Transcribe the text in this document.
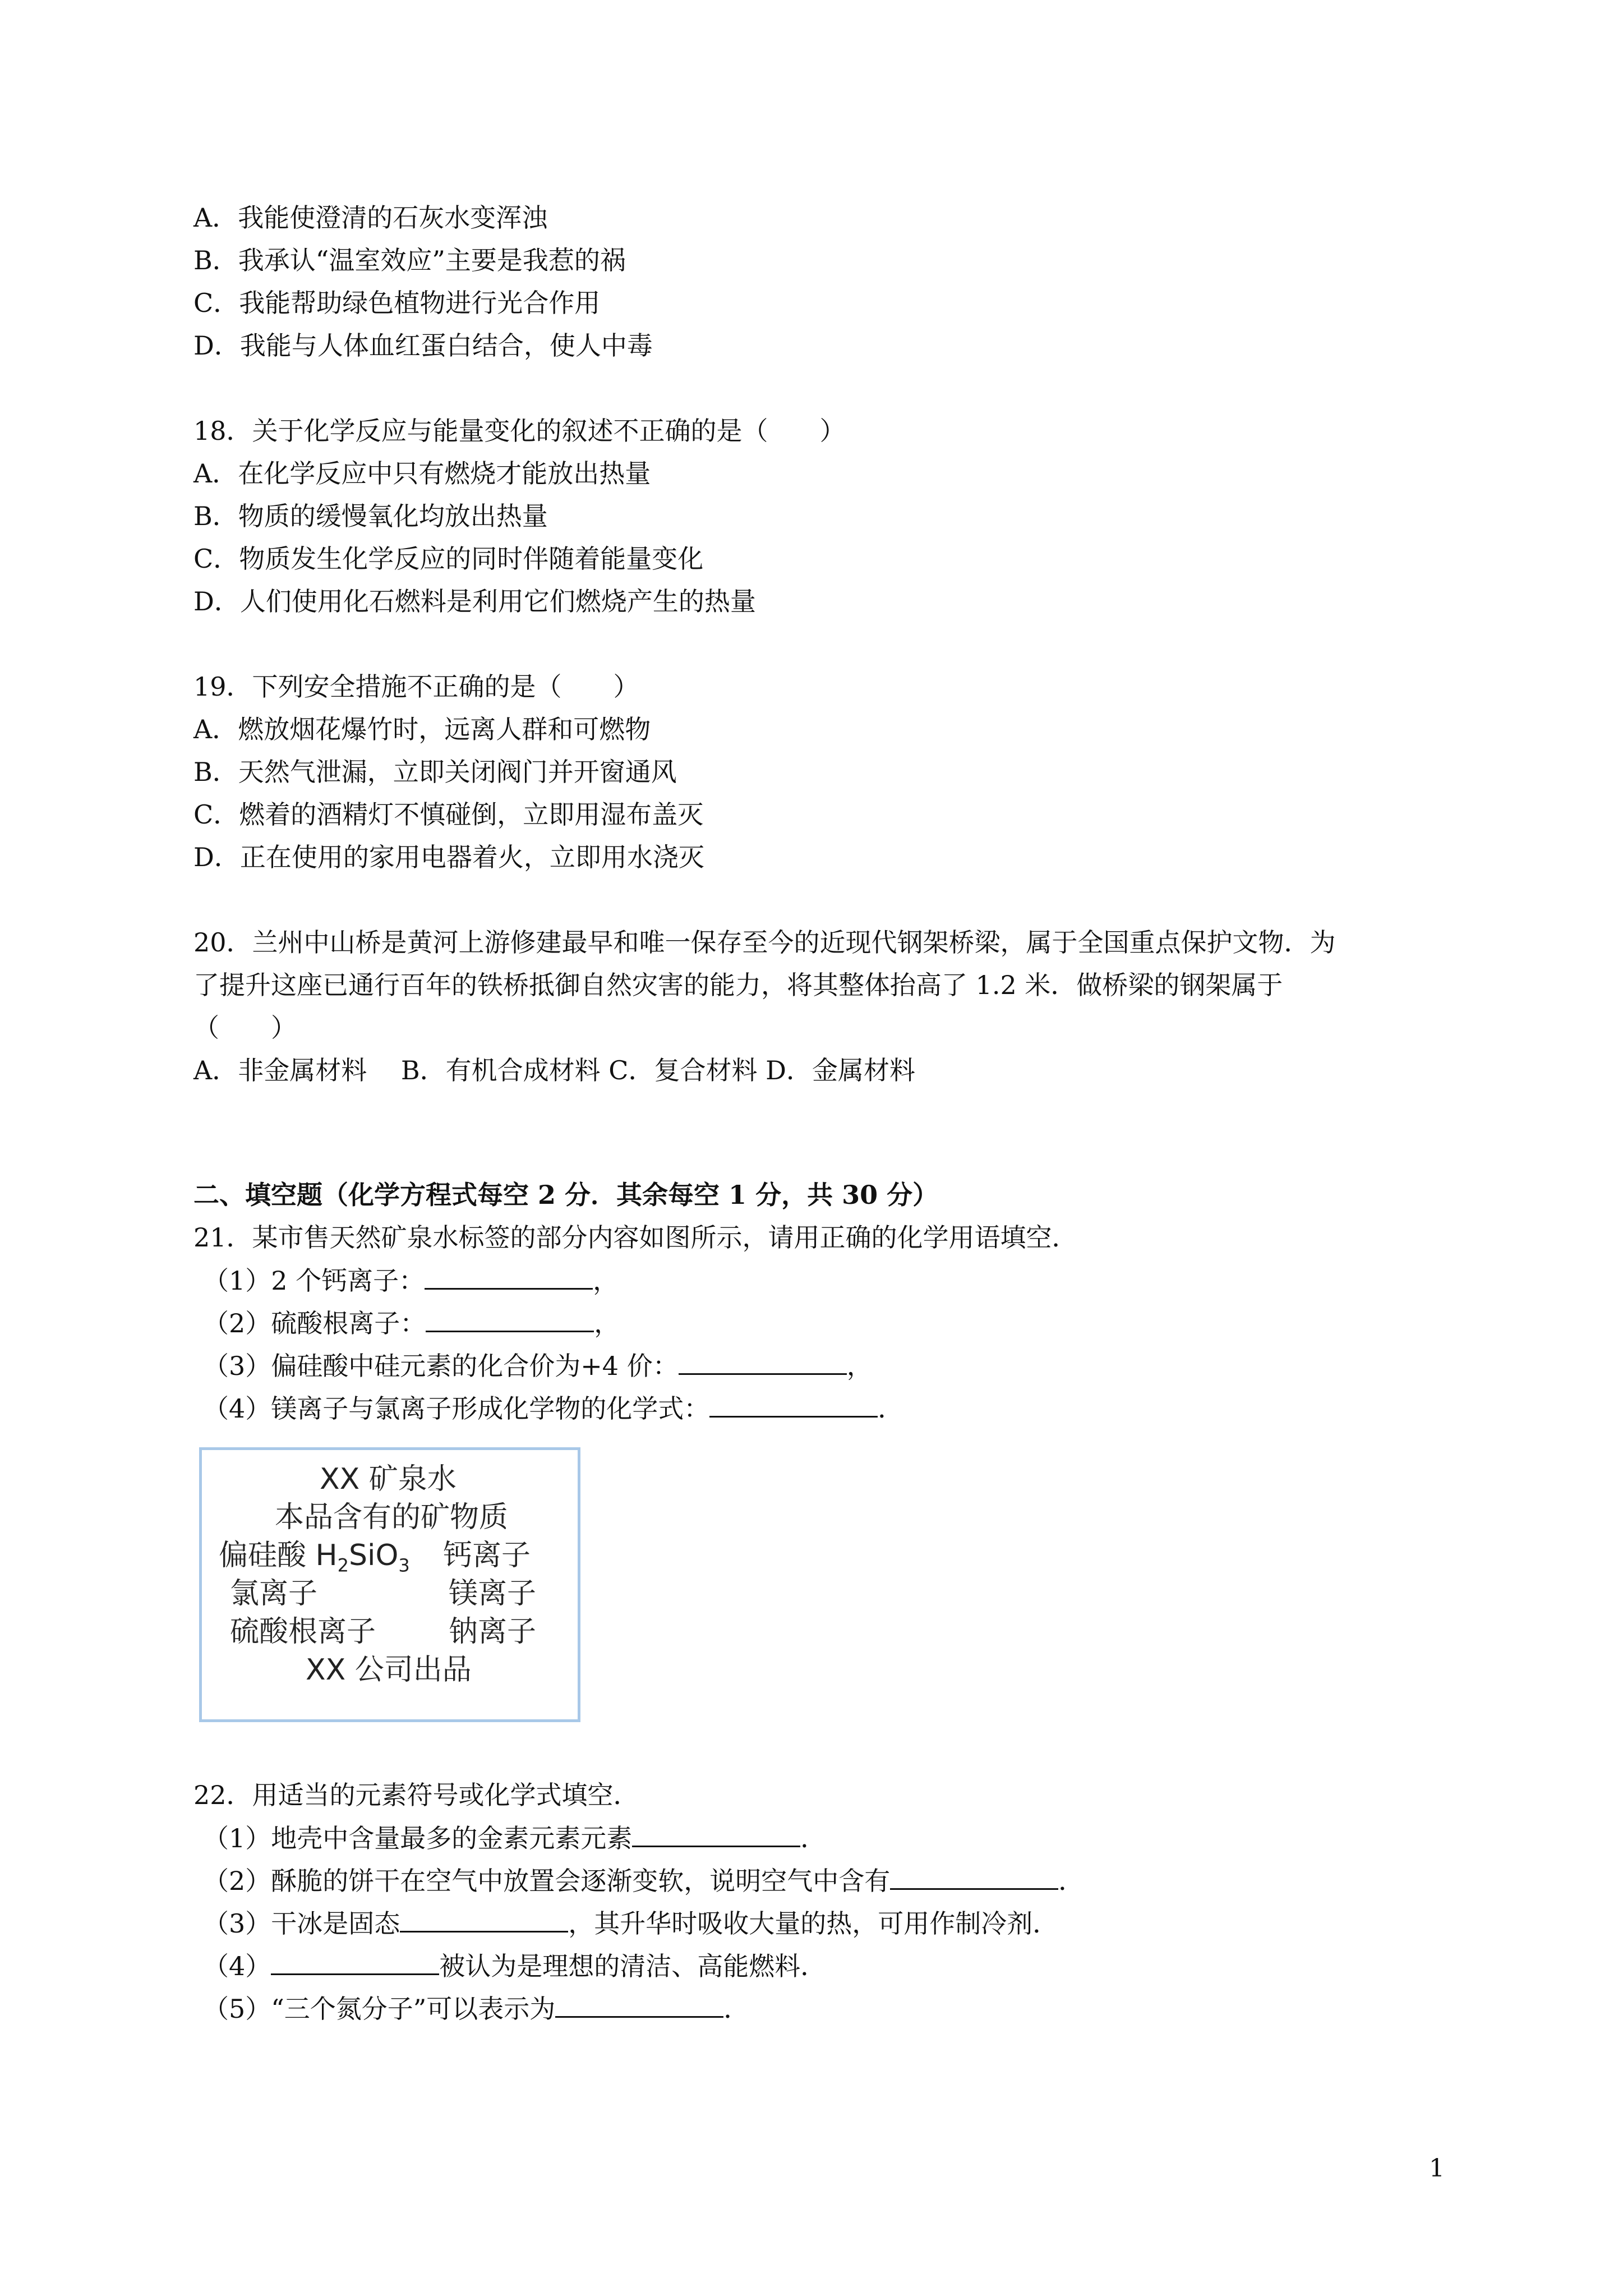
A．我能使澄清的石灰水变浑浊
B．我承认“温室效应”主要是我惹的祸
C．我能帮助绿色植物进行光合作用
D．我能与人体血红蛋白结合，使人中毒
18．关于化学反应与能量变化的叙述不正确的是（　　）
A．在化学反应中只有燃烧才能放出热量
B．物质的缓慢氧化均放出热量
C．物质发生化学反应的同时伴随着能量变化
D．人们使用化石燃料是利用它们燃烧产生的热量
19．下列安全措施不正确的是（　　）
A．燃放烟花爆竹时，远离人群和可燃物
B．天然气泄漏，立即关闭阀门并开窗通风
C．燃着的酒精灯不慎碰倒，立即用湿布盖灭
D．正在使用的家用电器着火，立即用水浇灭
20．兰州中山桥是黄河上游修建最早和唯一保存至今的近现代钢架桥梁，属于全国重点保护文物．为
了提升这座已通行百年的铁桥抵御自然灾害的能力，将其整体抬高了 1.2 米．做桥梁的钢架属于
（　　）
A．非金属材料　 B．有机合成材料 C．复合材料 D．金属材料
二、填空题（化学方程式每空 2 分．其余每空 1 分，共 30 分）
21．某市售天然矿泉水标签的部分内容如图所示，请用正确的化学用语填空．
（1）2 个钙离子：	，
（2）硫酸根离子：	，
（3）偏硅酸中硅元素的化合价为+4 价：	，
（4）镁离子与氯离子形成化学物的化学式：	．
XX 矿泉水
本品含有的矿物质
偏硅酸 $H_2SiO_3$ 钙离子
氯离子	镁离子
硫酸根离子 钠离子
XX 公司出品
22．用适当的元素符号或化学式填空．
（1）地壳中含量最多的金素元素元素	．
（2）酥脆的饼干在空气中放置会逐渐变软，说明空气中含有	．
（3）干冰是固态	，其升华时吸收大量的热，可用作制冷剂．
（4）	被认为是理想的清洁、高能燃料．
（5）“三个氮分子”可以表示为	．
1
